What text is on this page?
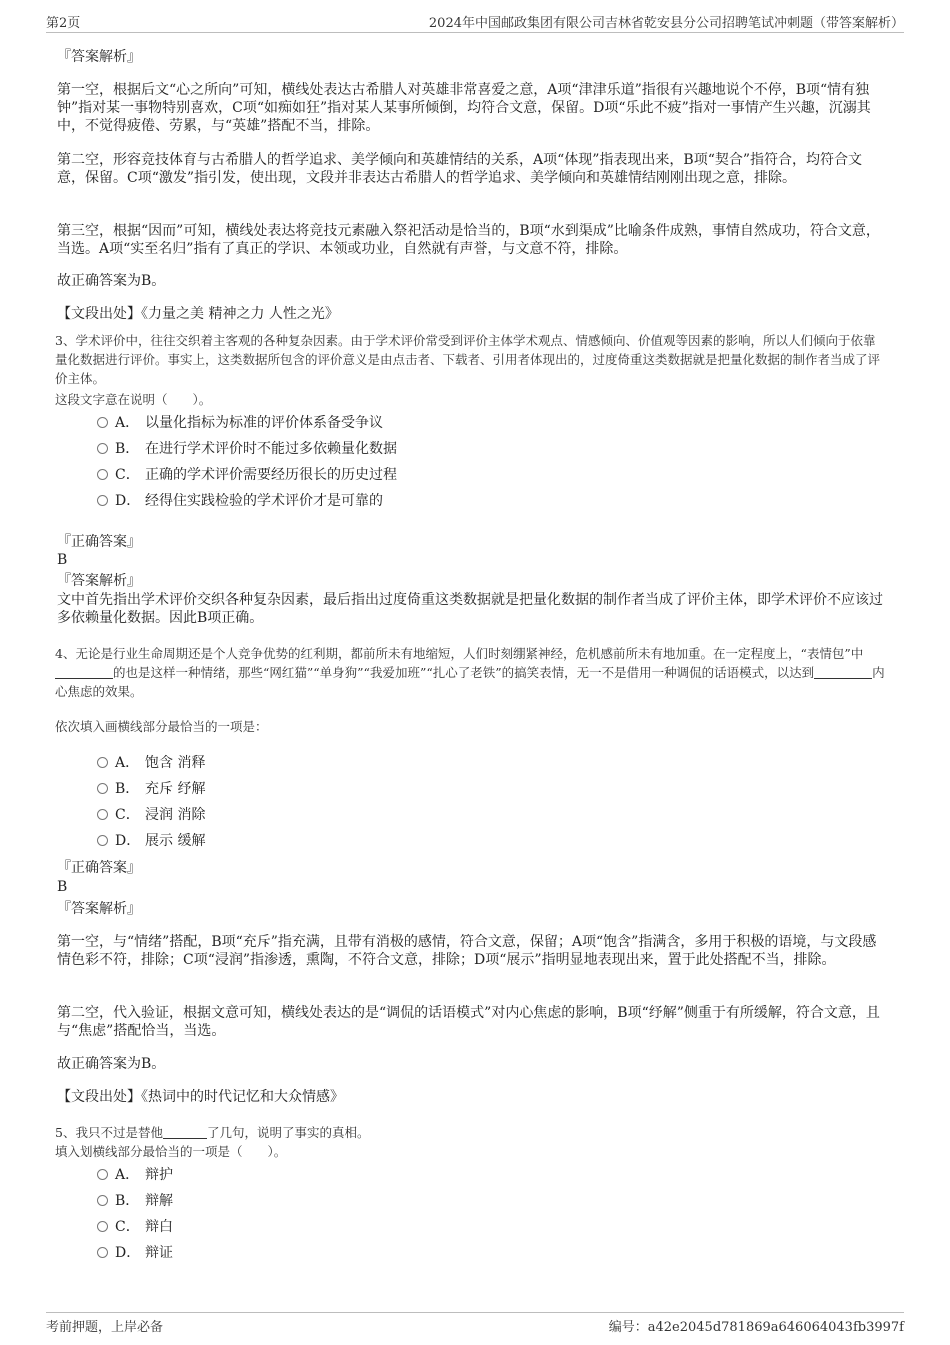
第2页	2024年中国邮政集团有限公司吉林省乾安县分公司招聘笔试冲刺题（带答案解析）
『答案解析』
第一空，根据后文“心之所向”可知，横线处表达古希腊人对英雄非常喜爱之意，A项“津津乐道”指很有兴趣地说个不停，B项“情有独钟”指对某一事物特别喜欢，C项“如痴如狂”指对某人某事所倾倒，均符合文意，保留。D项“乐此不疲”指对一事情产生兴趣，沉溺其中，不觉得疲倦、劳累，与“英雄”搭配不当，排除。
第二空，形容竞技体育与古希腊人的哲学追求、美学倾向和英雄情结的关系，A项“体现”指表现出来，B项“契合”指符合，均符合文意，保留。C项“激发”指引发，使出现，文段并非表达古希腊人的哲学追求、美学倾向和英雄情结刚刚出现之意，排除。
第三空，根据“因而”可知，横线处表达将竞技元素融入祭祀活动是恰当的，B项“水到渠成”比喻条件成熟，事情自然成功，符合文意，当选。A项“实至名归”指有了真正的学识、本领或功业，自然就有声誉，与文意不符，排除。
故正确答案为B。
【文段出处】《力量之美 精神之力 人性之光》
3、学术评价中，往往交织着主客观的各种复杂因素。由于学术评价常受到评价主体学术观点、情感倾向、价值观等因素的影响，所以人们倾向于依靠量化数据进行评价。事实上，这类数据所包含的评价意义是由点击者、下载者、引用者体现出的，过度倚重这类数据就是把量化数据的制作者当成了评价主体。
这段文字意在说明（　　）。
A． 以量化指标为标准的评价体系备受争议
B． 在进行学术评价时不能过多依赖量化数据
C． 正确的学术评价需要经历很长的历史过程
D． 经得住实践检验的学术评价才是可靠的
『正确答案』
B
『答案解析』
文中首先指出学术评价交织各种复杂因素，最后指出过度倚重这类数据就是把量化数据的制作者当成了评价主体，即学术评价不应该过多依赖量化数据。因此B项正确。
4、无论是行业生命周期还是个人竞争优势的红利期，都前所未有地缩短，人们时刻绷紧神经，危机感前所未有地加重。在一定程度上，“表情包”中的也是这样一种情绪，那些“网红猫”“单身狗”“我爱加班”“扎心了老铁”的搞笑表情，无一不是借用一种调侃的话语模式，以达到	内心焦虑的效果。
依次填入画横线部分最恰当的一项是：
A． 饱含 消释
B． 充斥 纾解
C． 浸润 消除
D． 展示 缓解
『正确答案』
B
『答案解析』
第一空，与“情绪”搭配，B项“充斥”指充满，且带有消极的感情，符合文意，保留；A项“饱含”指满含，多用于积极的语境，与文段感情色彩不符，排除；C项“浸润”指渗透，熏陶，不符合文意，排除；D项“展示”指明显地表现出来，置于此处搭配不当，排除。
第二空，代入验证，根据文意可知，横线处表达的是“调侃的话语模式”对内心焦虑的影响，B项“纾解”侧重于有所缓解，符合文意，且与“焦虑”搭配恰当，当选。
故正确答案为B。
【文段出处】《热词中的时代记忆和大众情感》
5、我只不过是替他	了几句，说明了事实的真相。
填入划横线部分最恰当的一项是（　　）。
A． 辩护
B． 辩解
C． 辩白
D． 辩证
考前押题，上岸必备	编号：a42e2045d781869a646064043fb3997f
